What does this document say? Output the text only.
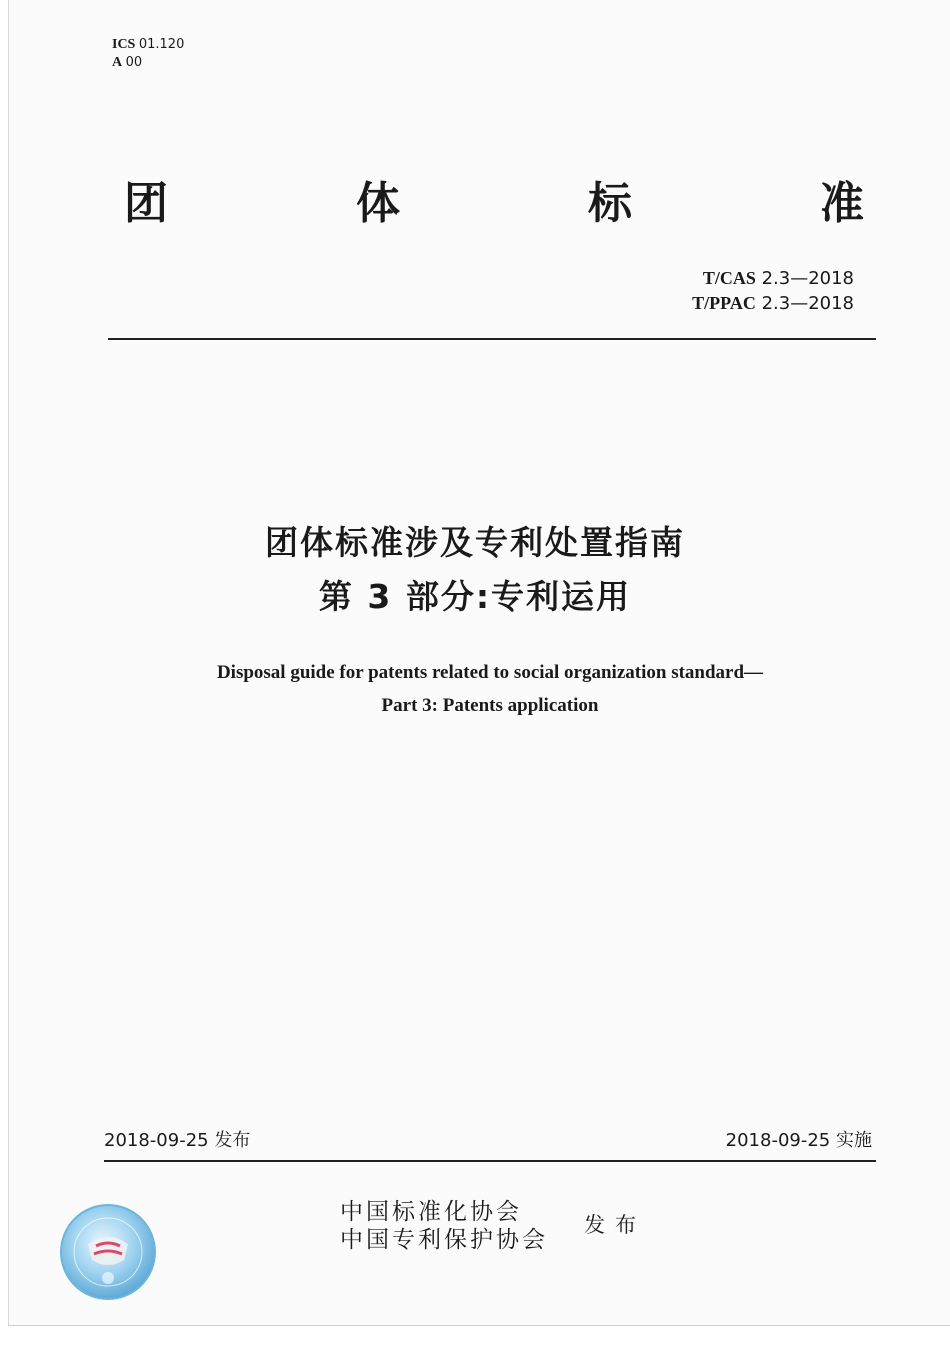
ICS 01.120
A 00
团	体	标	准
T/CAS 2.3—2018
T/PPAC 2.3—2018
团体标准涉及专利处置指南
第 3 部分:专利运用
Disposal guide for patents related to social organization standard—
Part 3: Patents application
2018-09-25 发布	2018-09-25 实施
中国标准化协会
中国专利保护协会
发布
